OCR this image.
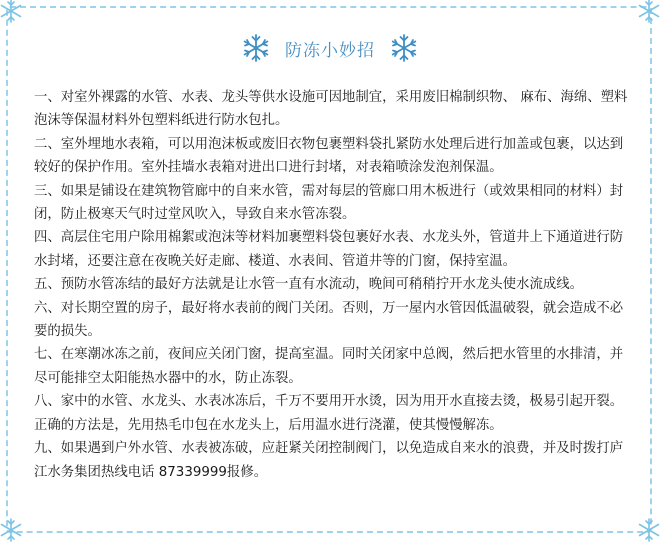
防冻小妙招

一、对室外裸露的水管、水表、龙头等供水设施可因地制宜，采用废旧棉制织物、 麻布、海绵、塑料泡沫等保温材料外包塑料纸进行防水包扎。

二、室外埋地水表箱，可以用泡沫板或废旧衣物包裹塑料袋扎紧防水处理后进行加盖或包裹，以达到较好的保护作用。室外挂墙水表箱对进出口进行封堵，对表箱喷涂发泡剂保温。

三、如果是铺设在建筑物管廊中的自来水管，需对每层的管廊口用木板进行（或效果相同的材料）封闭，防止极寒天气时过堂风吹入，导致自来水管冻裂。

四、高层住宅用户除用棉絮或泡沫等材料加裹塑料袋包裹好水表、水龙头外，管道井上下通道进行防水封堵，还要注意在夜晚关好走廊、楼道、水表间、管道井等的门窗，保持室温。

五、预防水管冻结的最好方法就是让水管一直有水流动，晚间可稍稍拧开水龙头使水流成线。

六、对长期空置的房子，最好将水表前的阀门关闭。否则，万一屋内水管因低温破裂，就会造成不必要的损失。

七、在寒潮冰冻之前，夜间应关闭门窗，提高室温。同时关闭家中总阀，然后把水管里的水排清，并尽可能排空太阳能热水器中的水，防止冻裂。

八、家中的水管、水龙头、水表冰冻后，千万不要用开水烫，因为用开水直接去烫，极易引起开裂。正确的方法是，先用热毛巾包在水龙头上，后用温水进行浇灌，使其慢慢解冻。

九、如果遇到户外水管、水表被冻破，应赶紧关闭控制阀门，以免造成自来水的浪费，并及时拨打庐江水务集团热线电话 87339999报修。
